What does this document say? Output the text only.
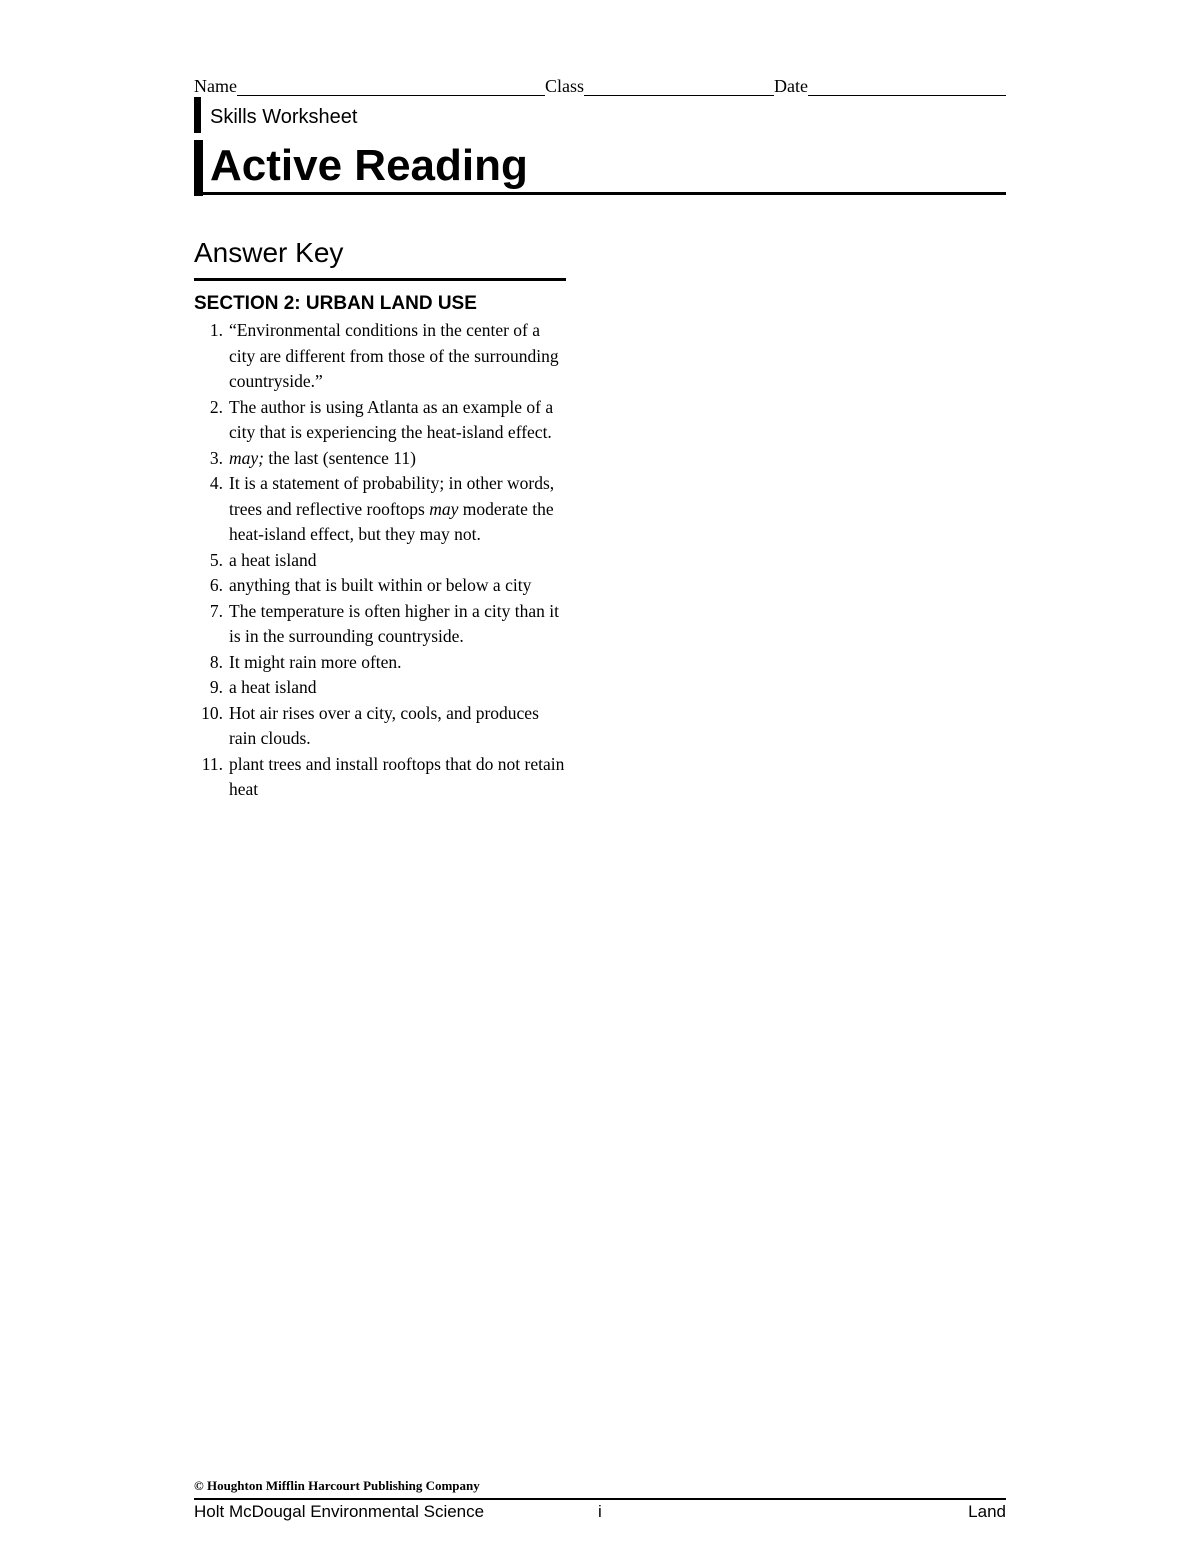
Name	Class	Date
Skills Worksheet
Active Reading
Answer Key
SECTION 2: URBAN LAND USE
1. “Environmental conditions in the center of a city are different from those of the surrounding countryside.”
2. The author is using Atlanta as an example of a city that is experiencing the heat-island effect.
3. may; the last (sentence 11)
4. It is a statement of probability; in other words, trees and reflective rooftops may moderate the heat-island effect, but they may not.
5. a heat island
6. anything that is built within or below a city
7. The temperature is often higher in a city than it is in the surrounding countryside.
8. It might rain more often.
9. a heat island
10. Hot air rises over a city, cools, and produces rain clouds.
11. plant trees and install rooftops that do not retain heat
© Houghton Mifflin Harcourt Publishing Company
Holt McDougal Environmental Science	i	Land
